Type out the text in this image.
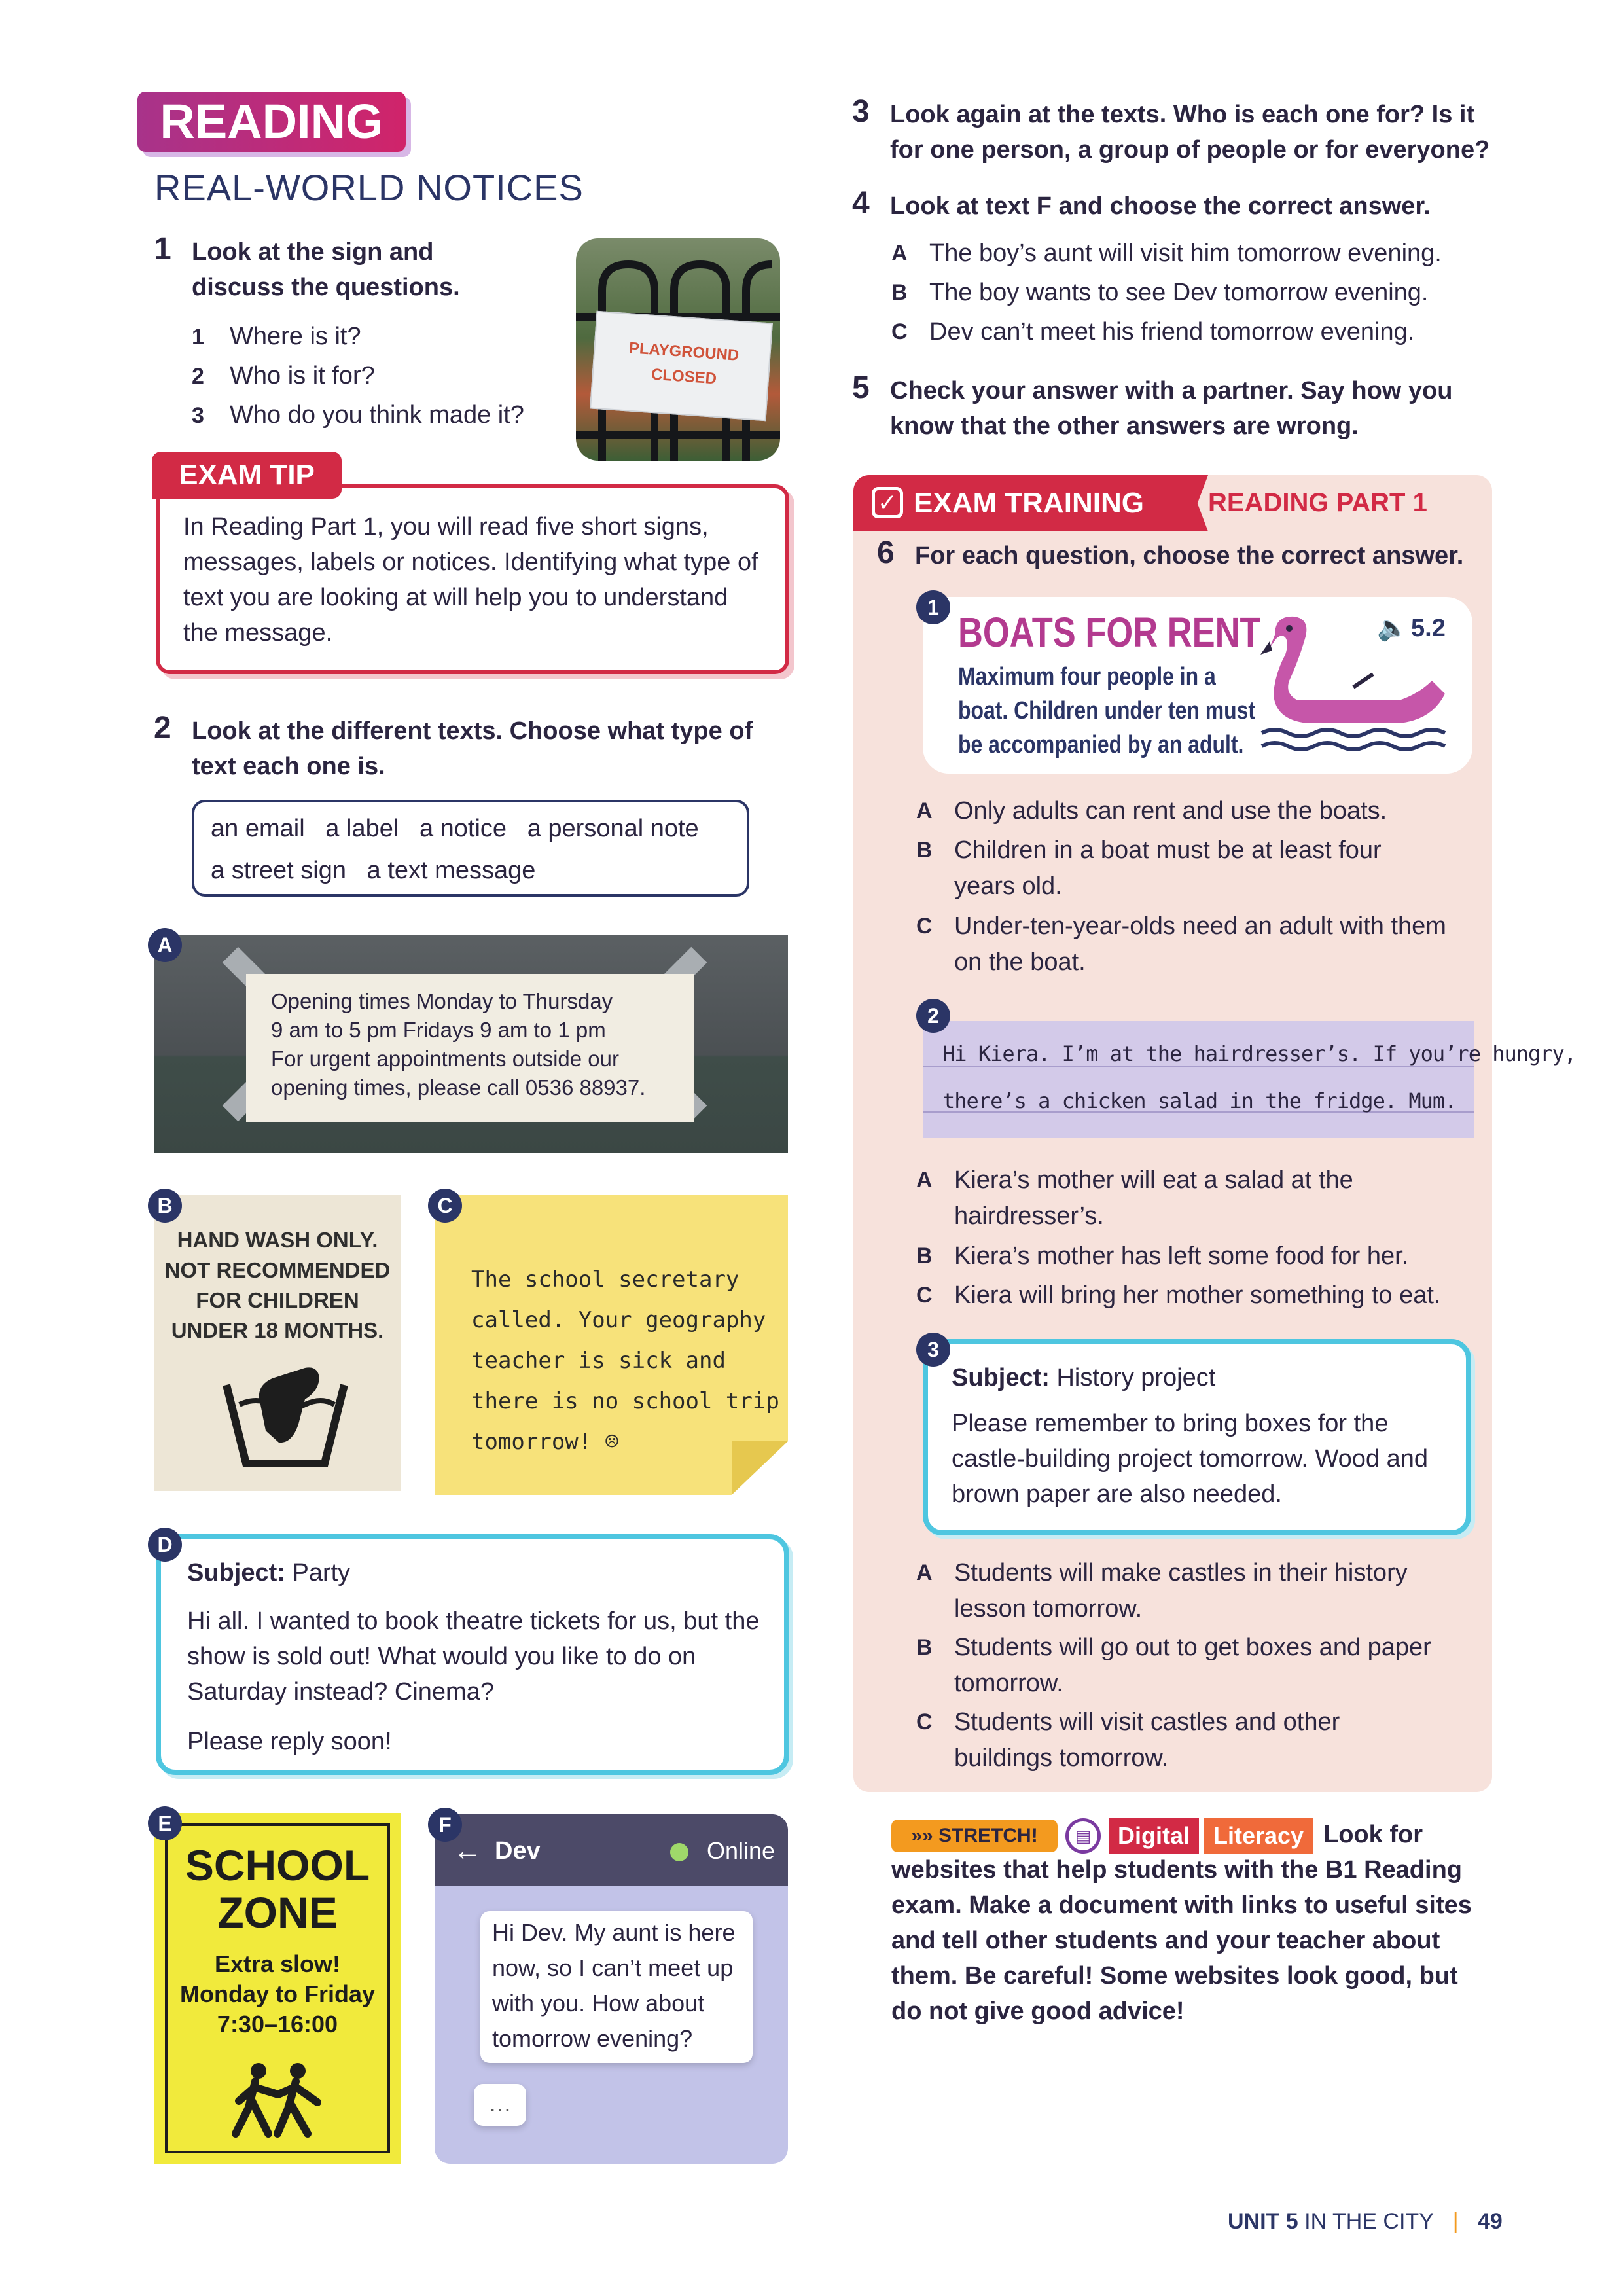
READING
REAL-WORLD NOTICES
1 Look at the sign and discuss the questions.
1 Where is it?
2 Who is it for?
3 Who do you think made it?
PLAYGROUND
CLOSED
EXAM TIP
In Reading Part 1, you will read five short signs, messages, labels or notices. Identifying what type of text you are looking at will help you to understand the message.
2 Look at the different texts. Choose what type of text each one is.
an email   a label   a notice   a personal note
a street sign   a text message
A
Opening times Monday to Thursday
9 am to 5 pm Fridays 9 am to 1 pm
For urgent appointments outside our
opening times, please call 0536 88937.
B
HAND WASH ONLY.
NOT RECOMMENDED
FOR CHILDREN
UNDER 18 MONTHS.
C
The school secretary
called. Your geography
teacher is sick and
there is no school trip
tomorrow! ☹
D
Subject: Party
Hi all. I wanted to book theatre tickets for us, but the show is sold out! What would you like to do on Saturday instead? Cinema?
Please reply soon!
E
SCHOOL
ZONE
Extra slow!
Monday to Friday
7:30–16:00
F
← Dev	Online
Hi Dev. My aunt is here now, so I can’t meet up with you. How about tomorrow evening?
…
3 Look again at the texts. Who is each one for? Is it for one person, a group of people or for everyone?
4 Look at text F and choose the correct answer.
A The boy’s aunt will visit him tomorrow evening.
B The boy wants to see Dev tomorrow evening.
C Dev can’t meet his friend tomorrow evening.
5 Check your answer with a partner. Say how you know that the other answers are wrong.
✓ EXAM TRAINING READING PART 1
6 For each question, choose the correct answer.
1
BOATS FOR RENT
Maximum four people in a
boat. Children under ten must
be accompanied by an adult.
🔈 5.2
A Only adults can rent and use the boats.
B Children in a boat must be at least four years old.
C Under-ten-year-olds need an adult with them on the boat.
2
Hi Kiera. I’m at the hairdresser’s. If you’re hungry,
there’s a chicken salad in the fridge. Mum.
A Kiera’s mother will eat a salad at the hairdresser’s.
B Kiera’s mother has left some food for her.
C Kiera will bring her mother something to eat.
3
Subject: History project
Please remember to bring boxes for the castle-building project tomorrow. Wood and brown paper are also needed.
A Students will make castles in their history lesson tomorrow.
B Students will go out to get boxes and paper tomorrow.
C Students will visit castles and other buildings tomorrow.
»» STRETCH!	▤	Digital Literacy Look for websites that help students with the B1 Reading exam. Make a document with links to useful sites and tell other students and your teacher about them. Be careful! Some websites look good, but do not give good advice!
UNIT 5 IN THE CITY | 49
